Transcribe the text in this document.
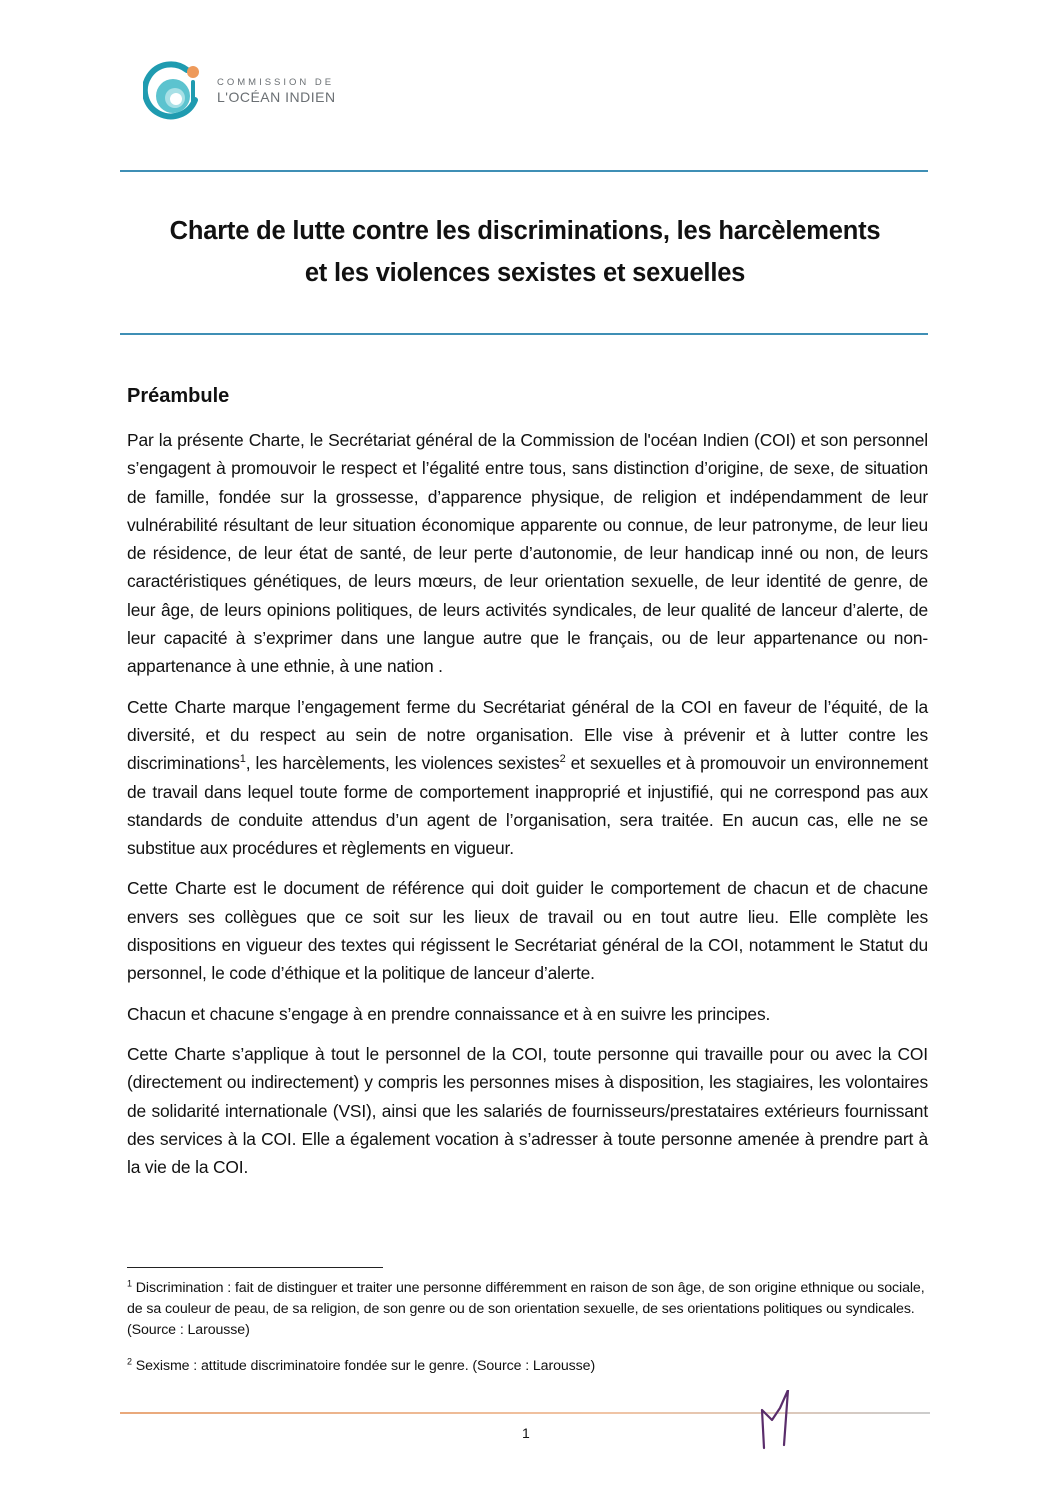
COMMISSION DE
L'OCÉAN INDIEN
Charte de lutte contre les discriminations, les harcèlements
et les violences sexistes et sexuelles
Préambule

Par la présente Charte, le Secrétariat général de la Commission de l'océan Indien (COI) et son personnel s’engagent à promouvoir le respect et l’égalité entre tous, sans distinction d’origine, de sexe, de situation de famille, fondée sur la grossesse, d’apparence physique, de religion et indépendamment de leur vulnérabilité résultant de leur situation économique apparente ou connue, de leur patronyme, de leur lieu de résidence, de leur état de santé, de leur perte d’autonomie, de leur handicap inné ou non, de leurs caractéristiques génétiques, de leurs mœurs, de leur orientation sexuelle, de leur identité de genre, de leur âge, de leurs opinions politiques, de leurs activités syndicales, de leur qualité de lanceur d’alerte, de leur capacité à s’exprimer dans une langue autre que le français, ou de leur appartenance ou non-appartenance à une ethnie, à une nation .

Cette Charte marque l’engagement ferme du Secrétariat général de la COI en faveur de l’équité, de la diversité, et du respect au sein de notre organisation. Elle vise à prévenir et à lutter contre les discriminations$^1$, les harcèlements, les violences sexistes$^2$ et sexuelles et à promouvoir un environnement de travail dans lequel toute forme de comportement inapproprié et injustifié, qui ne correspond pas aux standards de conduite attendus d’un agent de l’organisation, sera traitée. En aucun cas, elle ne se substitue aux procédures et règlements en vigueur.

Cette Charte est le document de référence qui doit guider le comportement de chacun et de chacune envers ses collègues que ce soit sur les lieux de travail ou en tout autre lieu. Elle complète les dispositions en vigueur des textes qui régissent le Secrétariat général de la COI, notamment le Statut du personnel, le code d’éthique et la politique de lanceur d’alerte.

Chacun et chacune s’engage à en prendre connaissance et à en suivre les principes.

Cette Charte s’applique à tout le personnel de la COI, toute personne qui travaille pour ou avec la COI (directement ou indirectement) y compris les personnes mises à disposition, les stagiaires, les volontaires de solidarité internationale (VSI), ainsi que les salariés de fournisseurs/prestataires extérieurs fournissant des services à la COI. Elle a également vocation à s’adresser à toute personne amenée à prendre part à la vie de la COI.

$^1$ Discrimination : fait de distinguer et traiter une personne différemment en raison de son âge, de son origine ethnique ou sociale, de sa couleur de peau, de sa religion, de son genre ou de son orientation sexuelle, de ses orientations politiques ou syndicales. (Source : Larousse)

$^2$ Sexisme : attitude discriminatoire fondée sur le genre. (Source : Larousse)

1
